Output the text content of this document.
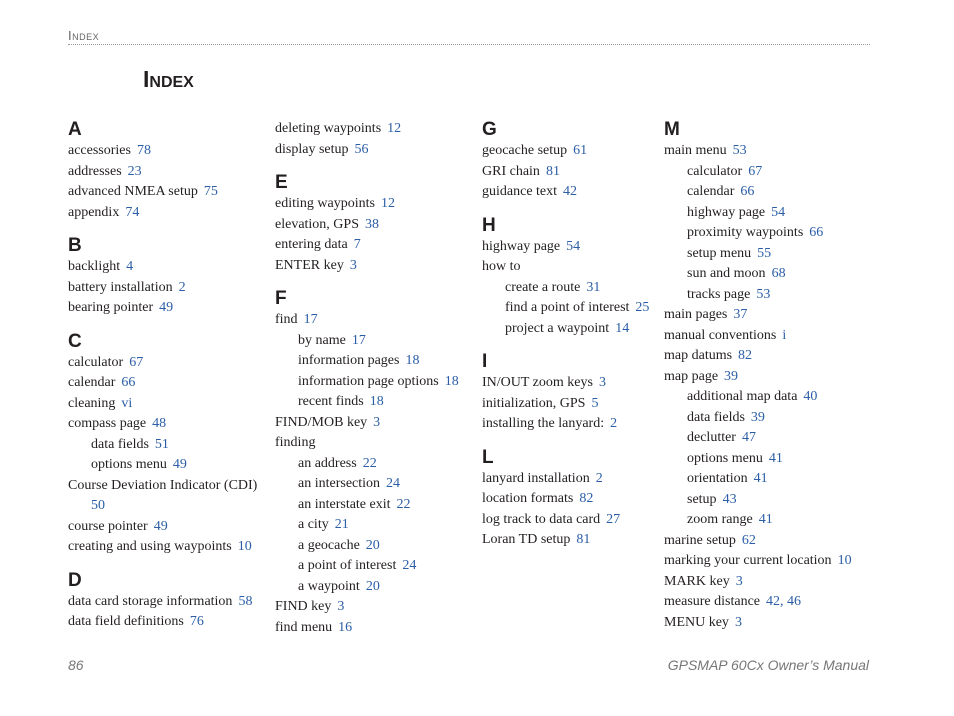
Index
Index
A
accessories 78
addresses 23
advanced NMEA setup 75
appendix 74
B
backlight 4
battery installation 2
bearing pointer 49
C
calculator 67
calendar 66
cleaning vi
compass page 48
data fields 51
options menu 49
Course Deviation Indicator (CDI)
50
course pointer 49
creating and using waypoints 10
D
data card storage information 58
data field definitions 76
deleting waypoints 12
display setup 56
E
editing waypoints 12
elevation, GPS 38
entering data 7
ENTER key 3
F
find 17
by name 17
information pages 18
information page options 18
recent finds 18
FIND/MOB key 3
finding
an address 22
an intersection 24
an interstate exit 22
a city 21
a geocache 20
a point of interest 24
a waypoint 20
FIND key 3
find menu 16
G
geocache setup 61
GRI chain 81
guidance text 42
H
highway page 54
how to
create a route 31
find a point of interest 25
project a waypoint 14
I
IN/OUT zoom keys 3
initialization, GPS 5
installing the lanyard: 2
L
lanyard installation 2
location formats 82
log track to data card 27
Loran TD setup 81
M
main menu 53
calculator 67
calendar 66
highway page 54
proximity waypoints 66
setup menu 55
sun and moon 68
tracks page 53
main pages 37
manual conventions i
map datums 82
map page 39
additional map data 40
data fields 39
declutter 47
options menu 41
orientation 41
setup 43
zoom range 41
marine setup 62
marking your current location 10
MARK key 3
measure distance 42, 46
MENU key 3
86	GPSMAP 60Cx Owner’s Manual
